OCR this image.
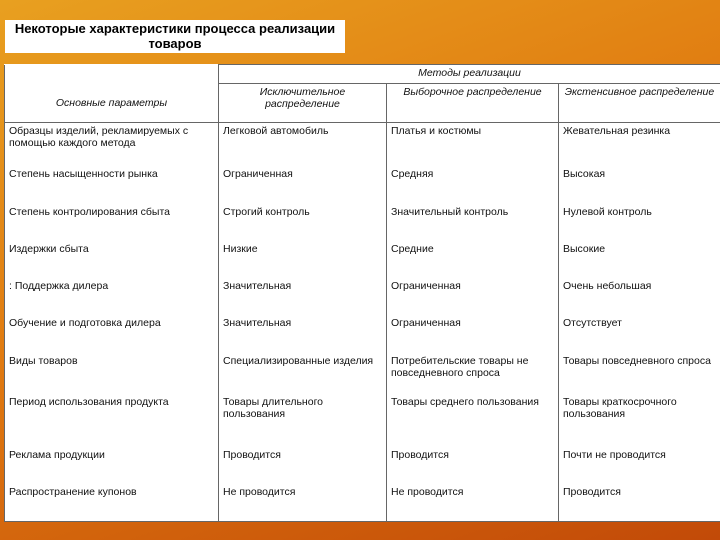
Некоторые характеристики процесса реализации
товаров
	Методы реализации		
Основные параметры	Исключительное распределение	Выборочное распределение	Экстенсивное распределение
Образцы изделий, рекламируемых с помощью каждого метода	Легковой автомобиль	Платья и костюмы	Жевательная резинка
Степень насыщенности рынка	Ограниченная	Средняя	Высокая
Степень контролирования сбыта	Строгий контроль	Значительный контроль	Нулевой контроль
Издержки сбыта	Низкие	Средние	Высокие
: Поддержка дилера	Значительная	Ограниченная	Очень небольшая
Обучение и подготовка дилера	Значительная	Ограниченная	Отсутствует
Виды товаров	Специализированные изделия	Потребительские товары не повседневного спроса	Товары повседневного спроса
Период использования продукта	Товары длительного пользования	Товары среднего пользования	Товары краткосрочного пользования
Реклама продукции	Проводится	Проводится	Почти не проводится
Распространение купонов	Не проводится	Не проводится	Проводится
